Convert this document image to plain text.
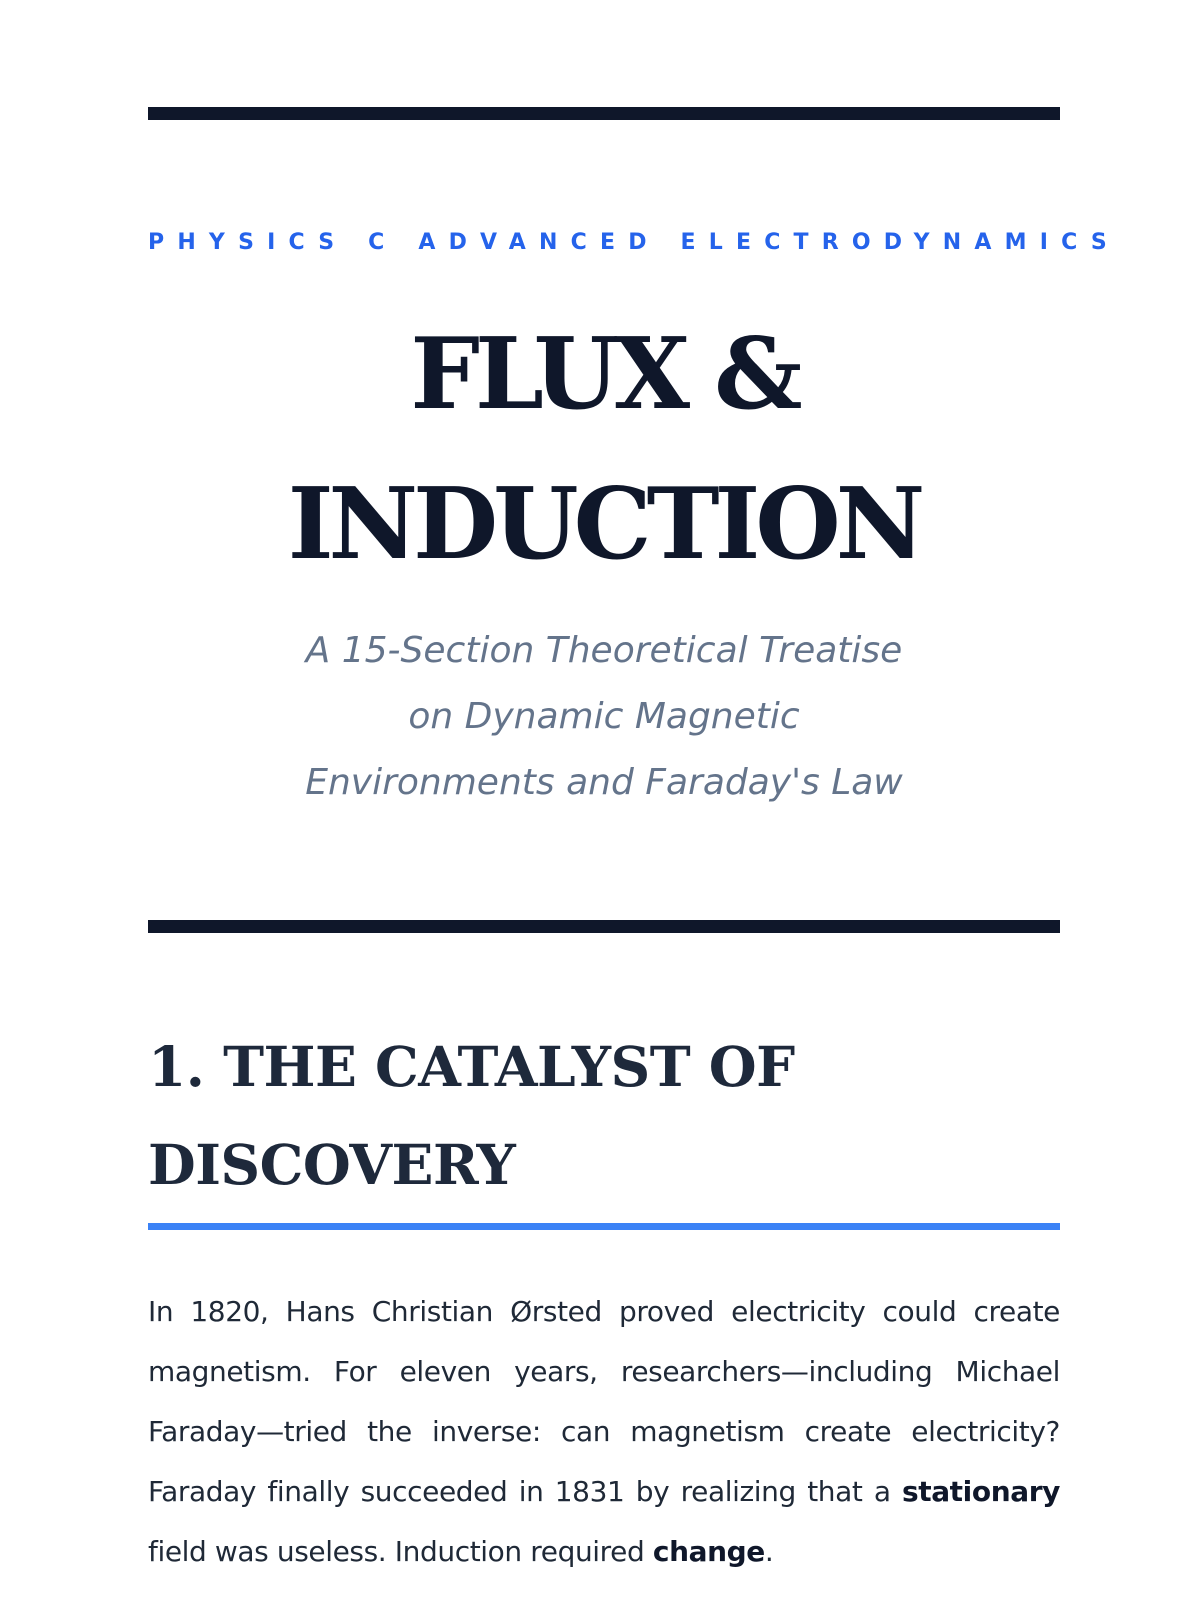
PHYSICS C ADVANCED ELECTRODYNAMICS
FLUX &
INDUCTION
A 15-Section Theoretical Treatise
on Dynamic Magnetic
Environments and Faraday's Law
1. THE CATALYST OF
DISCOVERY

In 1820, Hans Christian Ørsted proved electricity could create
magnetism. For eleven years, researchers—including Michael
Faraday—tried the inverse: can magnetism create electricity?
Faraday finally succeeded in 1831 by realizing that a stationary
field was useless. Induction required change.
